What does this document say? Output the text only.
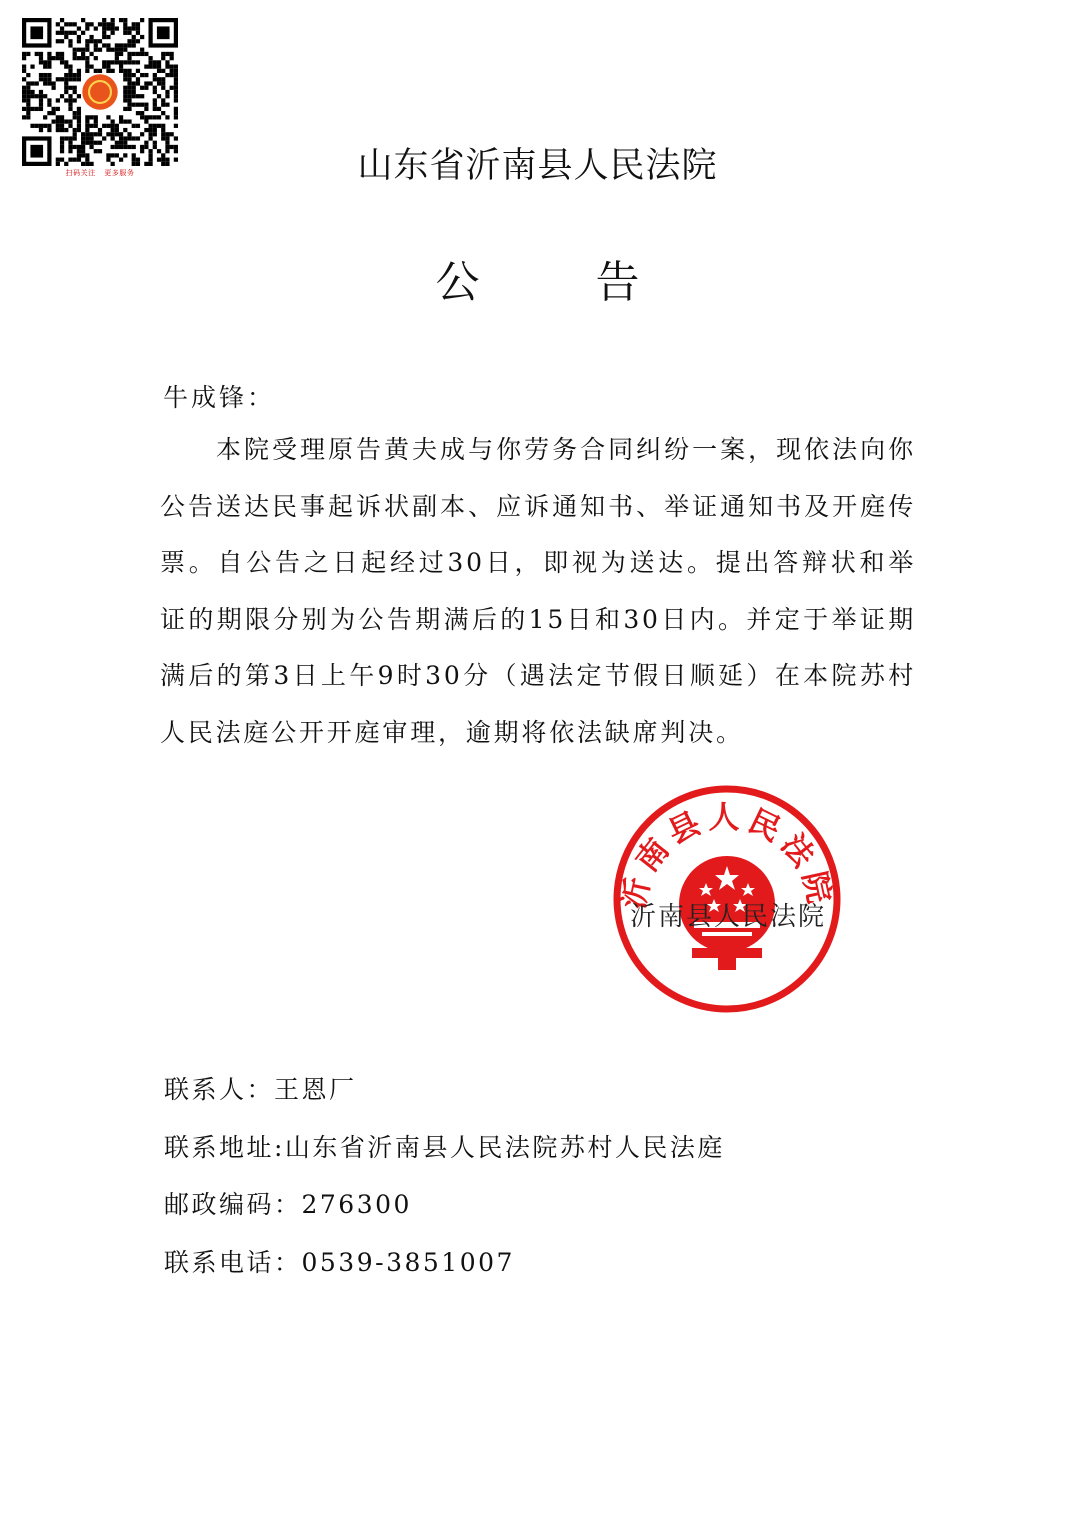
扫码关注 更多服务	山东省沂南县人民法院
公	告
牛成锋：
本院受理原告黄夫成与你劳务合同纠纷一案，现依法向你公告送达民事起诉状副本、应诉通知书、举证通知书及开庭传票。自公告之日起经过30日，即视为送达。提出答辩状和举证的期限分别为公告期满后的15日和30日内。并定于举证期满后的第3日上午9时30分（遇法定节假日顺延）在本院苏村人民法庭公开开庭审理，逾期将依法缺席判决。
沂南县人民法院
沂南县人民法院
联系人：王恩厂
联系地址:山东省沂南县人民法院苏村人民法庭
邮政编码：276300
联系电话：0539-3851007
